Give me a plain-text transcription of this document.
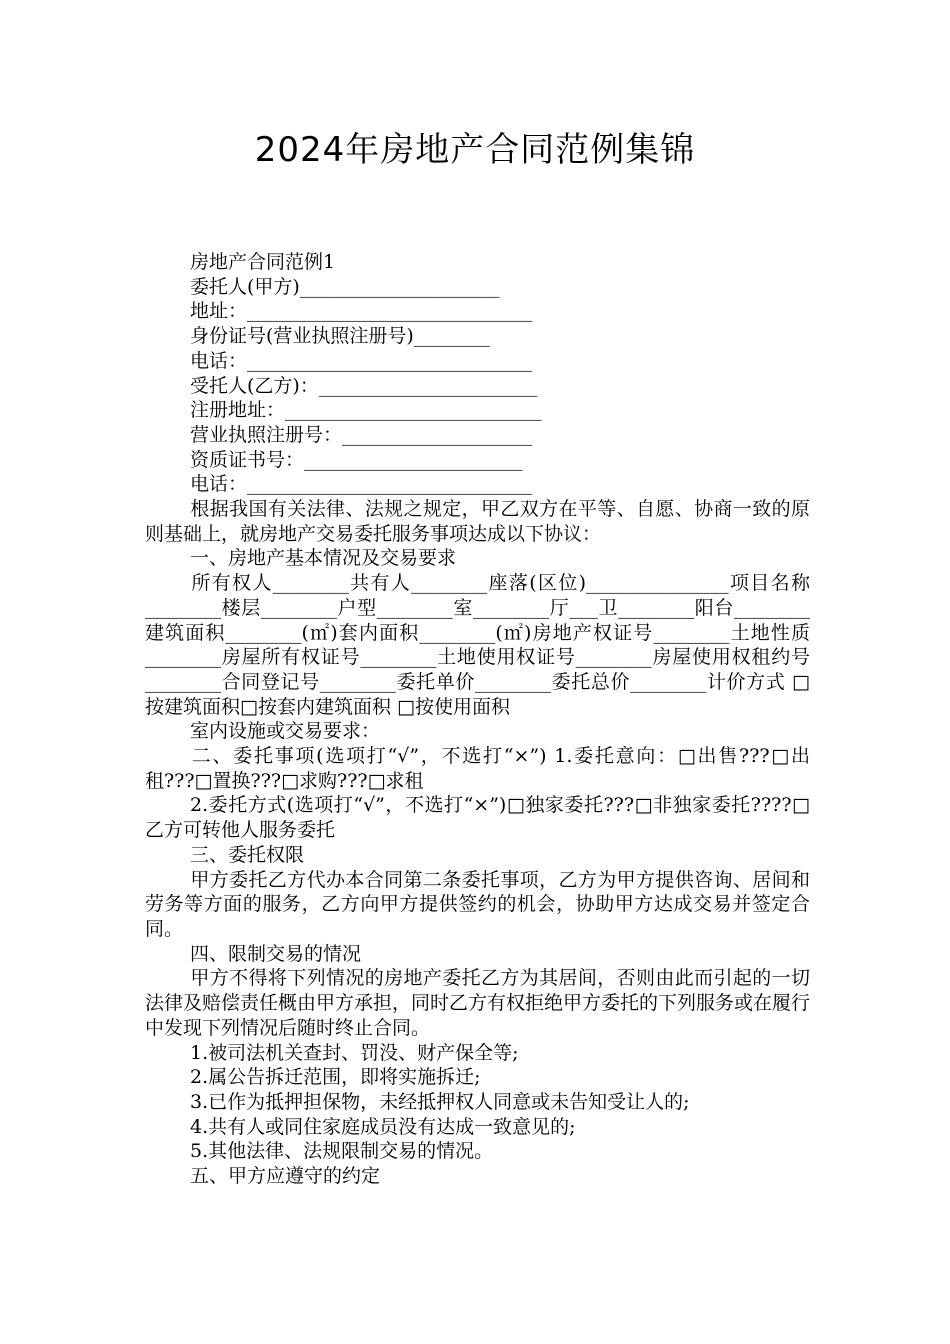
2024年房地产合同范例集锦

房地产合同范例1

委托人(甲方)_____________________

地址：______________________________

身份证号(营业执照注册号)________

电话：______________________________

受托人(乙方)：_______________________

注册地址：___________________________

营业执照注册号：____________________

资质证书号：_______________________

电话：______________________________

根据我国有关法律、法规之规定，甲乙双方在平等、自愿、协商一致的原则基础上，就房地产交易委托服务事项达成以下协议：

一、房地产基本情况及交易要求

所有权人________共有人________座落(区位)_______________项目名称________楼层________户型________室________厅___卫________阳台________建筑面积________(㎡)套内面积________(㎡)房地产权证号________土地性质________房屋所有权证号________土地使用权证号________房屋使用权租约号________合同登记号________委托单价________委托总价________计价方式 □按建筑面积□按套内建筑面积 □按使用面积

室内设施或交易要求：

二、委托事项(选项打“√”，不选打“×”) 1.委托意向：□出售???□出租???□置换???□求购???□求租

2.委托方式(选项打“√”，不选打“×”)□独家委托???□非独家委托????□乙方可转他人服务委托

三、委托权限

甲方委托乙方代办本合同第二条委托事项，乙方为甲方提供咨询、居间和劳务等方面的服务，乙方向甲方提供签约的机会，协助甲方达成交易并签定合同。

四、限制交易的情况

甲方不得将下列情况的房地产委托乙方为其居间，否则由此而引起的一切法律及赔偿责任概由甲方承担，同时乙方有权拒绝甲方委托的下列服务或在履行中发现下列情况后随时终止合同。

1.被司法机关查封、罚没、财产保全等;

2.属公告拆迁范围，即将实施拆迁;

3.已作为抵押担保物，未经抵押权人同意或未告知受让人的;

4.共有人或同住家庭成员没有达成一致意见的;

5.其他法律、法规限制交易的情况。

五、甲方应遵守的约定
